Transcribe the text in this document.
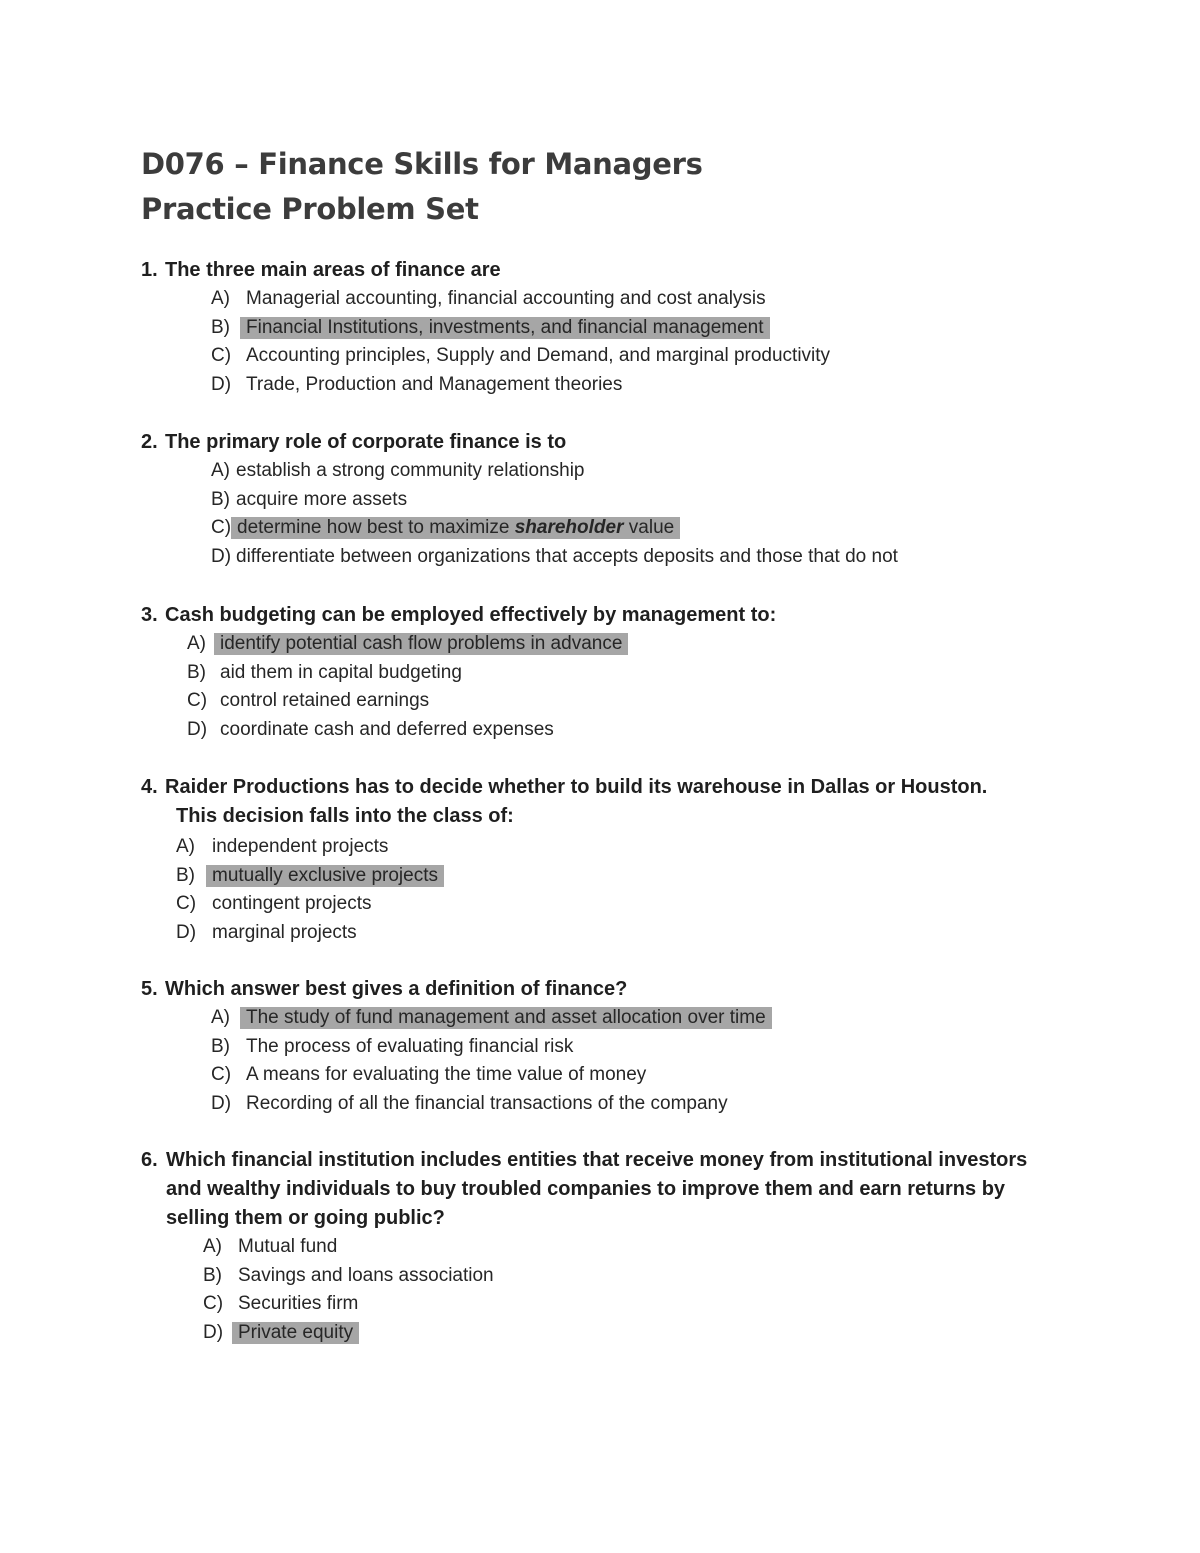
D076 – Finance Skills for Managers
Practice Problem Set
1. The three main areas of finance are
A) Managerial accounting, financial accounting and cost analysis
B) Financial Institutions, investments, and financial management
C) Accounting principles, Supply and Demand, and marginal productivity
D) Trade, Production and Management theories
2. The primary role of corporate finance is to
A) establish a strong community relationship
B) acquire more assets
C) determine how best to maximize shareholder value
D) differentiate between organizations that accepts deposits and those that do not
3. Cash budgeting can be employed effectively by management to:
A) identify potential cash flow problems in advance
B) aid them in capital budgeting
C) control retained earnings
D) coordinate cash and deferred expenses
4. Raider Productions has to decide whether to build its warehouse in Dallas or Houston.
This decision falls into the class of:
A) independent projects
B) mutually exclusive projects
C) contingent projects
D) marginal projects
5. Which answer best gives a definition of finance?
A) The study of fund management and asset allocation over time
B) The process of evaluating financial risk
C) A means for evaluating the time value of money
D) Recording of all the financial transactions of the company
6. Which financial institution includes entities that receive money from institutional investors and wealthy individuals to buy troubled companies to improve them and earn returns by selling them or going public?
A) Mutual fund
B) Savings and loans association
C) Securities firm
D) Private equity
